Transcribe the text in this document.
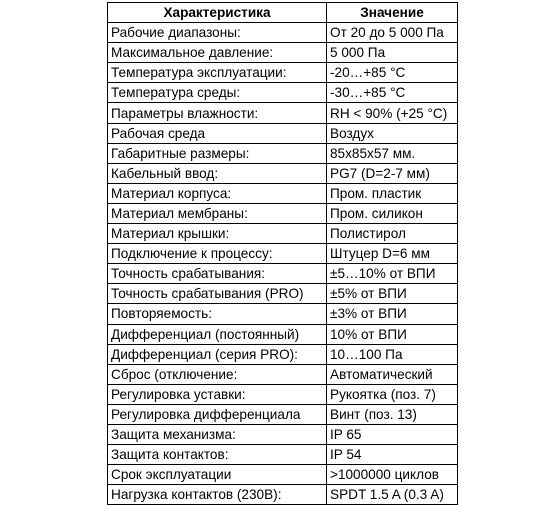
Характеристика	Значение
Рабочие диапазоны:	От 20 до 5 000 Па
Максимальное давление:	5 000 Па
Температура эксплуатации:	-20…+85 °C
Температура среды:	-30…+85 °C
Параметры влажности:	RH < 90% (+25 °C)
Рабочая среда	Воздух
Габаритные размеры:	85х85х57 мм.
Кабельный ввод:	PG7 (D=2-7 мм)
Материал корпуса:	Пром. пластик
Материал мембраны:	Пром. силикон
Материал крышки:	Полистирол
Подключение к процессу:	Штуцер D=6 мм
Точность срабатывания:	±5…10% от ВПИ
Точность срабатывания (PRO)	±5% от ВПИ
Повторяемость:	±3% от ВПИ
Дифференциал (постоянный)	10% от ВПИ
Дифференциал (серия PRO):	10…100 Па
Сброс (отключение:	Автоматический
Регулировка уставки:	Рукоятка (поз. 7)
Регулировка дифференциала	Винт (поз. 13)
Защита механизма:	IP 65
Защита контактов:	IP 54
Срок эксплуатации	>1000000 циклов
Нагрузка контактов (230В):	SPDT 1.5 A (0.3 A)
